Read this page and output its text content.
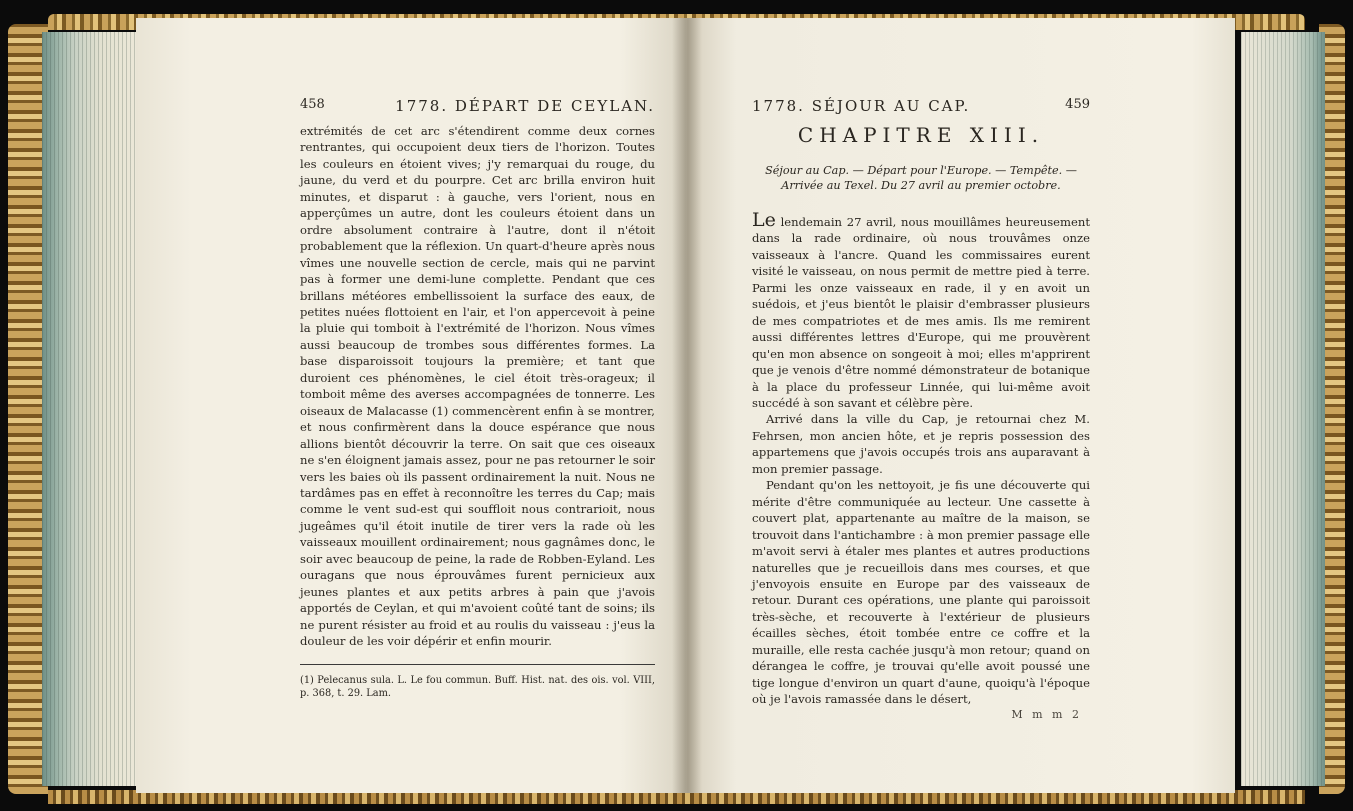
458	1778. DÉPART DE CEYLAN.

extrémités de cet arc s'étendirent comme deux cornes rentrantes, qui occupoient deux tiers de l'horizon. Toutes les couleurs en étoient vives; j'y remarquai du rouge, du jaune, du verd et du pourpre. Cet arc brilla environ huit minutes, et disparut : à gauche, vers l'orient, nous en apperçûmes un autre, dont les couleurs étoient dans un ordre absolument contraire à l'autre, dont il n'étoit probablement que la réflexion. Un quart-d'heure après nous vîmes une nouvelle section de cercle, mais qui ne parvint pas à former une demi-lune complette. Pendant que ces brillans météores embellissoient la surface des eaux, de petites nuées flottoient en l'air, et l'on appercevoit à peine la pluie qui tomboit à l'extrémité de l'horizon. Nous vîmes aussi beaucoup de trombes sous différentes formes. La base disparoissoit toujours la première; et tant que duroient ces phénomènes, le ciel étoit très-orageux; il tomboit même des averses accompagnées de tonnerre. Les oiseaux de Malacasse (1) commencèrent enfin à se montrer, et nous confirmèrent dans la douce espérance que nous allions bientôt découvrir la terre. On sait que ces oiseaux ne s'en éloignent jamais assez, pour ne pas retourner le soir vers les baies où ils passent ordinairement la nuit. Nous ne tardâmes pas en effet à reconnoître les terres du Cap; mais comme le vent sud-est qui souffloit nous contrarioit, nous jugeâmes qu'il étoit inutile de tirer vers la rade où les vaisseaux mouillent ordinairement; nous gagnâmes donc, le soir avec beaucoup de peine, la rade de Robben-Eyland. Les ouragans que nous éprouvâmes furent pernicieux aux jeunes plantes et aux petits arbres à pain que j'avois apportés de Ceylan, et qui m'avoient coûté tant de soins; ils ne purent résister au froid et au roulis du vaisseau : j'eus la douleur de les voir dépérir et enfin mourir.

(1) Pelecanus sula. L. Le fou commun. Buff. Hist. nat. des ois. vol. VIII, p. 368, t. 29. Lam.

1778. SÉJOUR AU CAP.	459
CHAPITRE XIII.

Séjour au Cap. — Départ pour l'Europe. — Tempête. — Arrivée au Texel. Du 27 avril au premier octobre.

Le lendemain 27 avril, nous mouillâmes heureusement dans la rade ordinaire, où nous trouvâmes onze vaisseaux à l'ancre. Quand les commissaires eurent visité le vaisseau, on nous permit de mettre pied à terre. Parmi les onze vaisseaux en rade, il y en avoit un suédois, et j'eus bientôt le plaisir d'embrasser plusieurs de mes compatriotes et de mes amis. Ils me remirent aussi différentes lettres d'Europe, qui me prouvèrent qu'en mon absence on songeoit à moi; elles m'apprirent que je venois d'être nommé démonstrateur de botanique à la place du professeur Linnée, qui lui-même avoit succédé à son savant et célèbre père.

Arrivé dans la ville du Cap, je retournai chez M. Fehrsen, mon ancien hôte, et je repris possession des appartemens que j'avois occupés trois ans auparavant à mon premier passage.

Pendant qu'on les nettoyoit, je fis une découverte qui mérite d'être communiquée au lecteur. Une cassette à couvert plat, appartenante au maître de la maison, se trouvoit dans l'antichambre : à mon premier passage elle m'avoit servi à étaler mes plantes et autres productions naturelles que je recueillois dans mes courses, et que j'envoyois ensuite en Europe par des vaisseaux de retour. Durant ces opérations, une plante qui paroissoit très-sèche, et recouverte à l'extérieur de plusieurs écailles sèches, étoit tombée entre ce coffre et la muraille, elle resta cachée jusqu'à mon retour; quand on dérangea le coffre, je trouvai qu'elle avoit poussé une tige longue d'environ un quart d'aune, quoiqu'à l'époque où je l'avois ramassée dans le désert,

M m m 2
